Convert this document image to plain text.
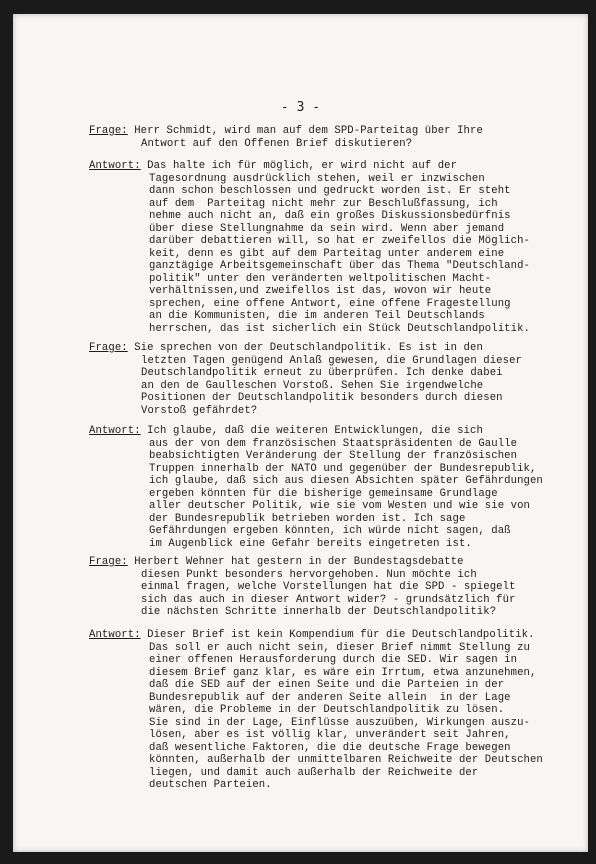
- 3 -
Frage: Herr Schmidt, wird man auf dem SPD-Parteitag über Ihre
Antwort auf den Offenen Brief diskutieren?
Antwort: Das halte ich für möglich, er wird nicht auf der
Tagesordnung ausdrücklich stehen, weil er inzwischen
dann schon beschlossen und gedruckt worden ist. Er steht
auf dem  Parteitag nicht mehr zur Beschlußfassung, ich
nehme auch nicht an, daß ein großes Diskussionsbedürfnis
über diese Stellungnahme da sein wird. Wenn aber jemand
darüber debattieren will, so hat er zweifellos die Möglich-
keit, denn es gibt auf dem Parteitag unter anderem eine
ganztägige Arbeitsgemeinschaft über das Thema "Deutschland-
politik" unter den veränderten weltpolitischen Macht-
verhältnissen,und zweifellos ist das, wovon wir heute
sprechen, eine offene Antwort, eine offene Fragestellung
an die Kommunisten, die im anderen Teil Deutschlands
herrschen, das ist sicherlich ein Stück Deutschlandpolitik.
Frage: Sie sprechen von der Deutschlandpolitik. Es ist in den
letzten Tagen genügend Anlaß gewesen, die Grundlagen dieser
Deutschlandpolitik erneut zu überprüfen. Ich denke dabei
an den de Gaulleschen Vorstoß. Sehen Sie irgendwelche
Positionen der Deutschlandpolitik besonders durch diesen
Vorstoß gefährdet?
Antwort: Ich glaube, daß die weiteren Entwicklungen, die sich
aus der von dem französischen Staatspräsidenten de Gaulle
beabsichtigten Veränderung der Stellung der französischen
Truppen innerhalb der NATO und gegenüber der Bundesrepublik,
ich glaube, daß sich aus diesen Absichten später Gefährdungen
ergeben könnten für die bisherige gemeinsame Grundlage
aller deutscher Politik, wie sie vom Westen und wie sie von
der Bundesrepublik betrieben worden ist. Ich sage
Gefährdungen ergeben könnten, ich würde nicht sagen, daß
im Augenblick eine Gefahr bereits eingetreten ist.
Frage: Herbert Wehner hat gestern in der Bundestagsdebatte
diesen Punkt besonders hervorgehoben. Nun möchte ich
einmal fragen, welche Vorstellungen hat die SPD - spiegelt
sich das auch in dieser Antwort wider? - grundsätzlich für
die nächsten Schritte innerhalb der Deutschlandpolitik?
Antwort: Dieser Brief ist kein Kompendium für die Deutschlandpolitik.
Das soll er auch nicht sein, dieser Brief nimmt Stellung zu
einer offenen Herausforderung durch die SED. Wir sagen in
diesem Brief ganz klar, es wäre ein Irrtum, etwa anzunehmen,
daß die SED auf der einen Seite und die Parteien in der
Bundesrepublik auf der anderen Seite allein  in der Lage
wären, die Probleme in der Deutschlandpolitik zu lösen.
Sie sind in der Lage, Einflüsse auszuüben, Wirkungen auszu-
lösen, aber es ist völlig klar, unverändert seit Jahren,
daß wesentliche Faktoren, die die deutsche Frage bewegen
könnten, außerhalb der unmittelbaren Reichweite der Deutschen
liegen, und damit auch außerhalb der Reichweite der
deutschen Parteien.
